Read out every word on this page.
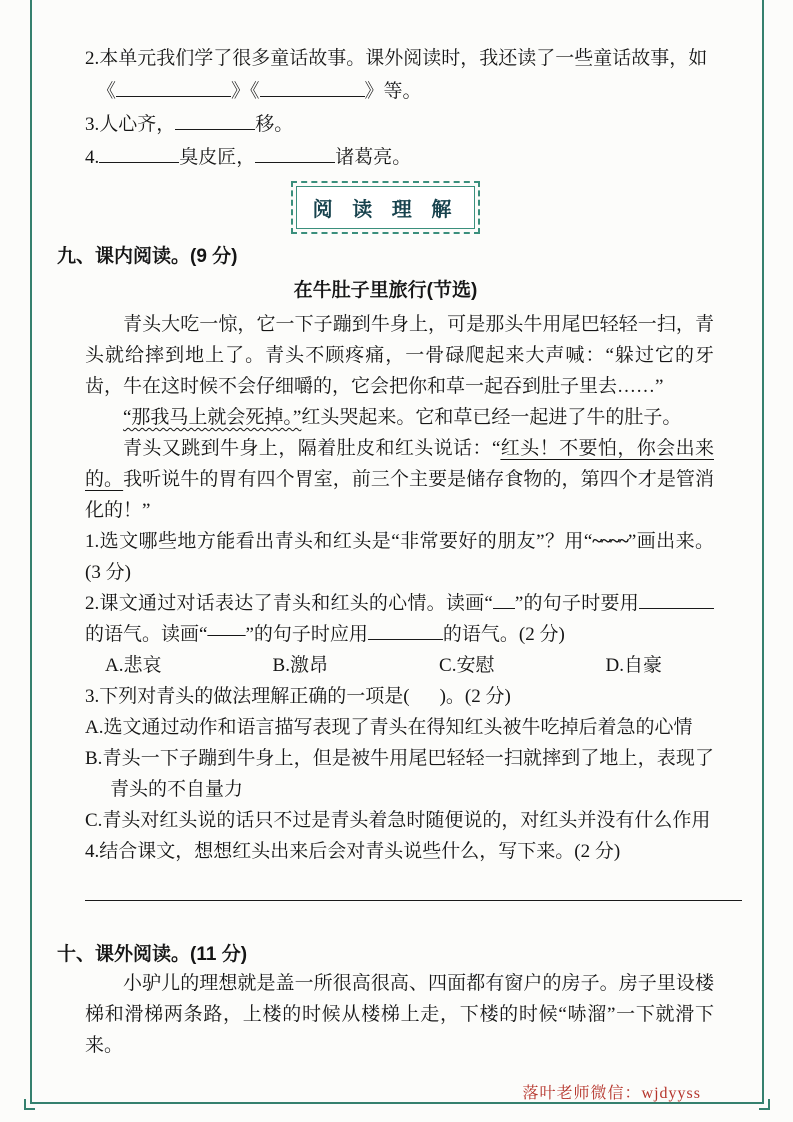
2.本单元我们学了很多童话故事。课外阅读时，我还读了一些童话故事，如
《	》《	》等。
3.人心齐，	移。
4.	臭皮匠，	诸葛亮。
阅 读 理 解
九、课内阅读。(9 分)
在牛肚子里旅行(节选)

青头大吃一惊，它一下子蹦到牛身上，可是那头牛用尾巴轻轻一扫，青头就给摔到地上了。青头不顾疼痛，一骨碌爬起来大声喊：“躲过它的牙齿，牛在这时候不会仔细嚼的，它会把你和草一起吞到肚子里去……”

“那我马上就会死掉。”红头哭起来。它和草已经一起进了牛的肚子。

青头又跳到牛身上，隔着肚皮和红头说话：“红头！不要怕，你会出来的。我听说牛的胃有四个胃室，前三个主要是储存食物的，第四个才是管消化的！”

1.选文哪些地方能看出青头和红头是“非常要好的朋友”？用“~~~~”画出来。(3 分)
2.课文通过对话表达了青头和红头的心情。读画“ ”的句子时要用的语气。读画“——”的句子时应用	的语气。(2 分)
A.悲哀	B.激昂	C.安慰	D.自豪
3.下列对青头的做法理解正确的一项是( )。(2 分)
A.选文通过动作和语言描写表现了青头在得知红头被牛吃掉后着急的心情
B.青头一下子蹦到牛身上，但是被牛用尾巴轻轻一扫就摔到了地上，表现了青头的不自量力
C.青头对红头说的话只不过是青头着急时随便说的，对红头并没有什么作用
4.结合课文，想想红头出来后会对青头说些什么，写下来。(2 分)
十、课外阅读。(11 分)

小驴儿的理想就是盖一所很高很高、四面都有窗户的房子。房子里设楼梯和滑梯两条路，上楼的时候从楼梯上走，下楼的时候“哧溜”一下就滑下来。

落叶老师微信：wjdyyss
